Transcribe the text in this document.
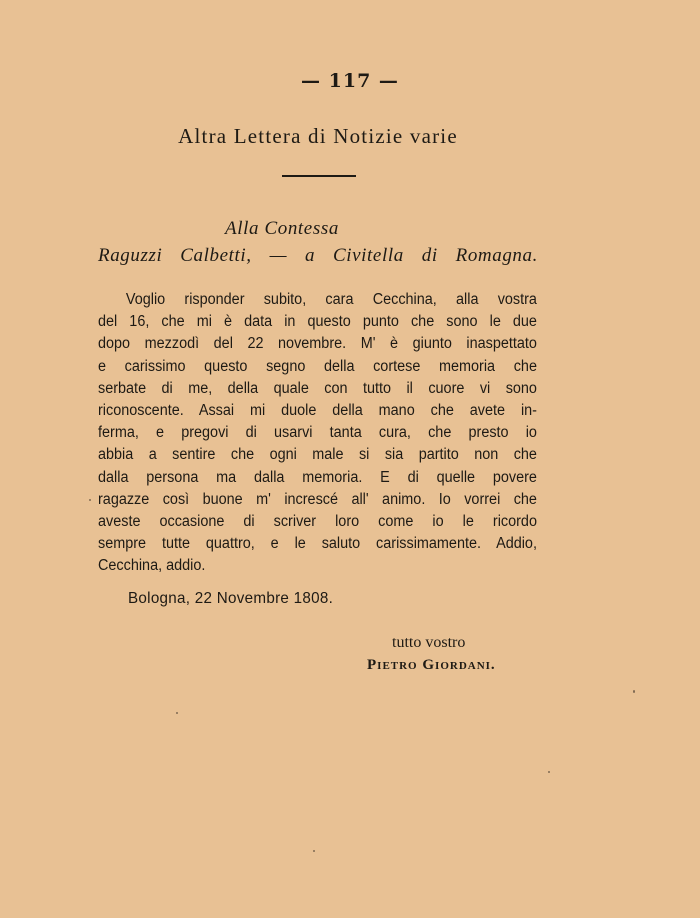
— 117 —
Altra Lettera di Notizie varie
Alla Contessa
Raguzzi Calbetti, — a Civitella di Romagna.
Voglio risponder subito, cara Cecchina, alla vostra
del 16, che mi è data in questo punto che sono le due
dopo mezzodì del 22 novembre. M' è giunto inaspettato
e carissimo questo segno della cortese memoria che
serbate di me, della quale con tutto il cuore vi sono
riconoscente. Assai mi duole della mano che avete in-
ferma, e pregovi di usarvi tanta cura, che presto io
abbia a sentire che ogni male si sia partito non che
dalla persona ma dalla memoria. E di quelle povere
ragazze così buone m' increscé all' animo. Io vorrei che
aveste occasione di scriver loro come io le ricordo
sempre tutte quattro, e le saluto carissimamente. Addio,
Cecchina, addio.
Bologna, 22 Novembre 1808.
tutto vostro
Pietro Giordani.
